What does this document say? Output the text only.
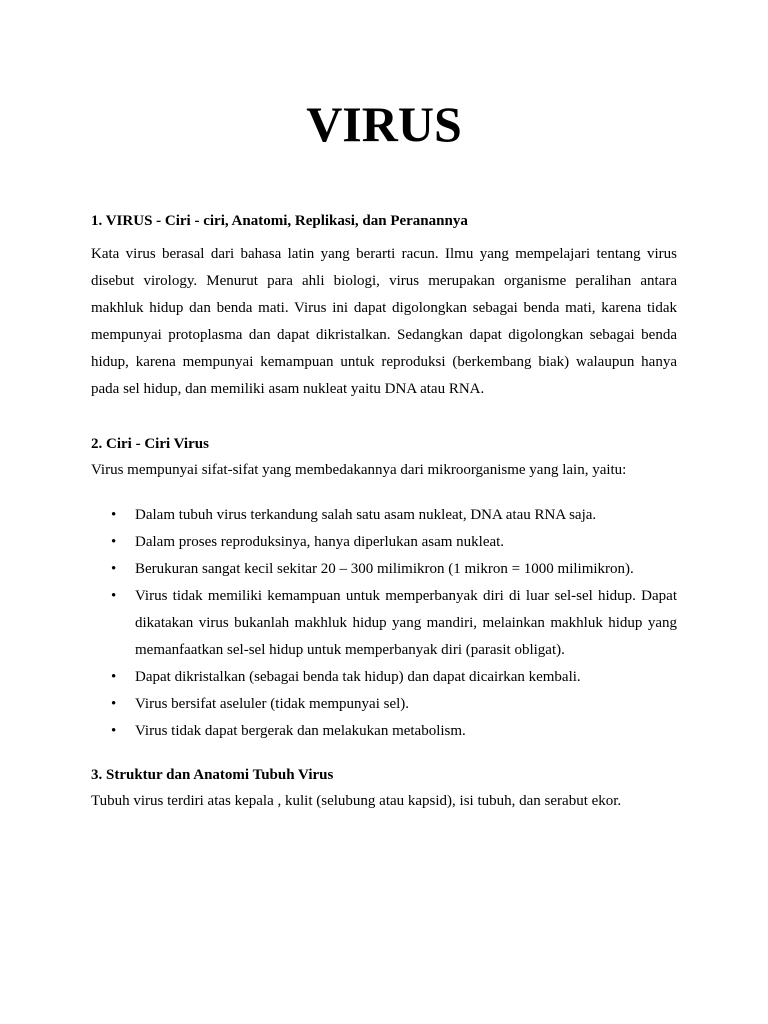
VIRUS
1. VIRUS - Ciri - ciri, Anatomi, Replikasi, dan Peranannya

Kata virus berasal dari bahasa latin yang berarti racun. Ilmu yang mempelajari tentang virus disebut virology. Menurut para ahli biologi, virus merupakan organisme peralihan antara makhluk hidup dan benda mati. Virus ini dapat digolongkan sebagai benda mati, karena tidak mempunyai protoplasma dan dapat dikristalkan. Sedangkan dapat digolongkan sebagai benda hidup, karena mempunyai kemampuan untuk reproduksi (berkembang biak) walaupun hanya pada sel hidup, dan memiliki asam nukleat yaitu DNA atau RNA.

2. Ciri - Ciri Virus

Virus mempunyai sifat-sifat yang membedakannya dari mikroorganisme yang lain, yaitu:

• Dalam tubuh virus terkandung salah satu asam nukleat, DNA atau RNA saja.
• Dalam proses reproduksinya, hanya diperlukan asam nukleat.
• Berukuran sangat kecil sekitar 20 – 300 milimikron (1 mikron = 1000 milimikron).
• Virus tidak memiliki kemampuan untuk memperbanyak diri di luar sel-sel hidup. Dapat dikatakan virus bukanlah makhluk hidup yang mandiri, melainkan makhluk hidup yang memanfaatkan sel-sel hidup untuk memperbanyak diri (parasit obligat).
• Dapat dikristalkan (sebagai benda tak hidup) dan dapat dicairkan kembali.
• Virus bersifat aseluler (tidak mempunyai sel).
• Virus tidak dapat bergerak dan melakukan metabolism.
3. Struktur dan Anatomi Tubuh Virus

Tubuh virus terdiri atas kepala , kulit (selubung atau kapsid), isi tubuh, dan serabut ekor.
